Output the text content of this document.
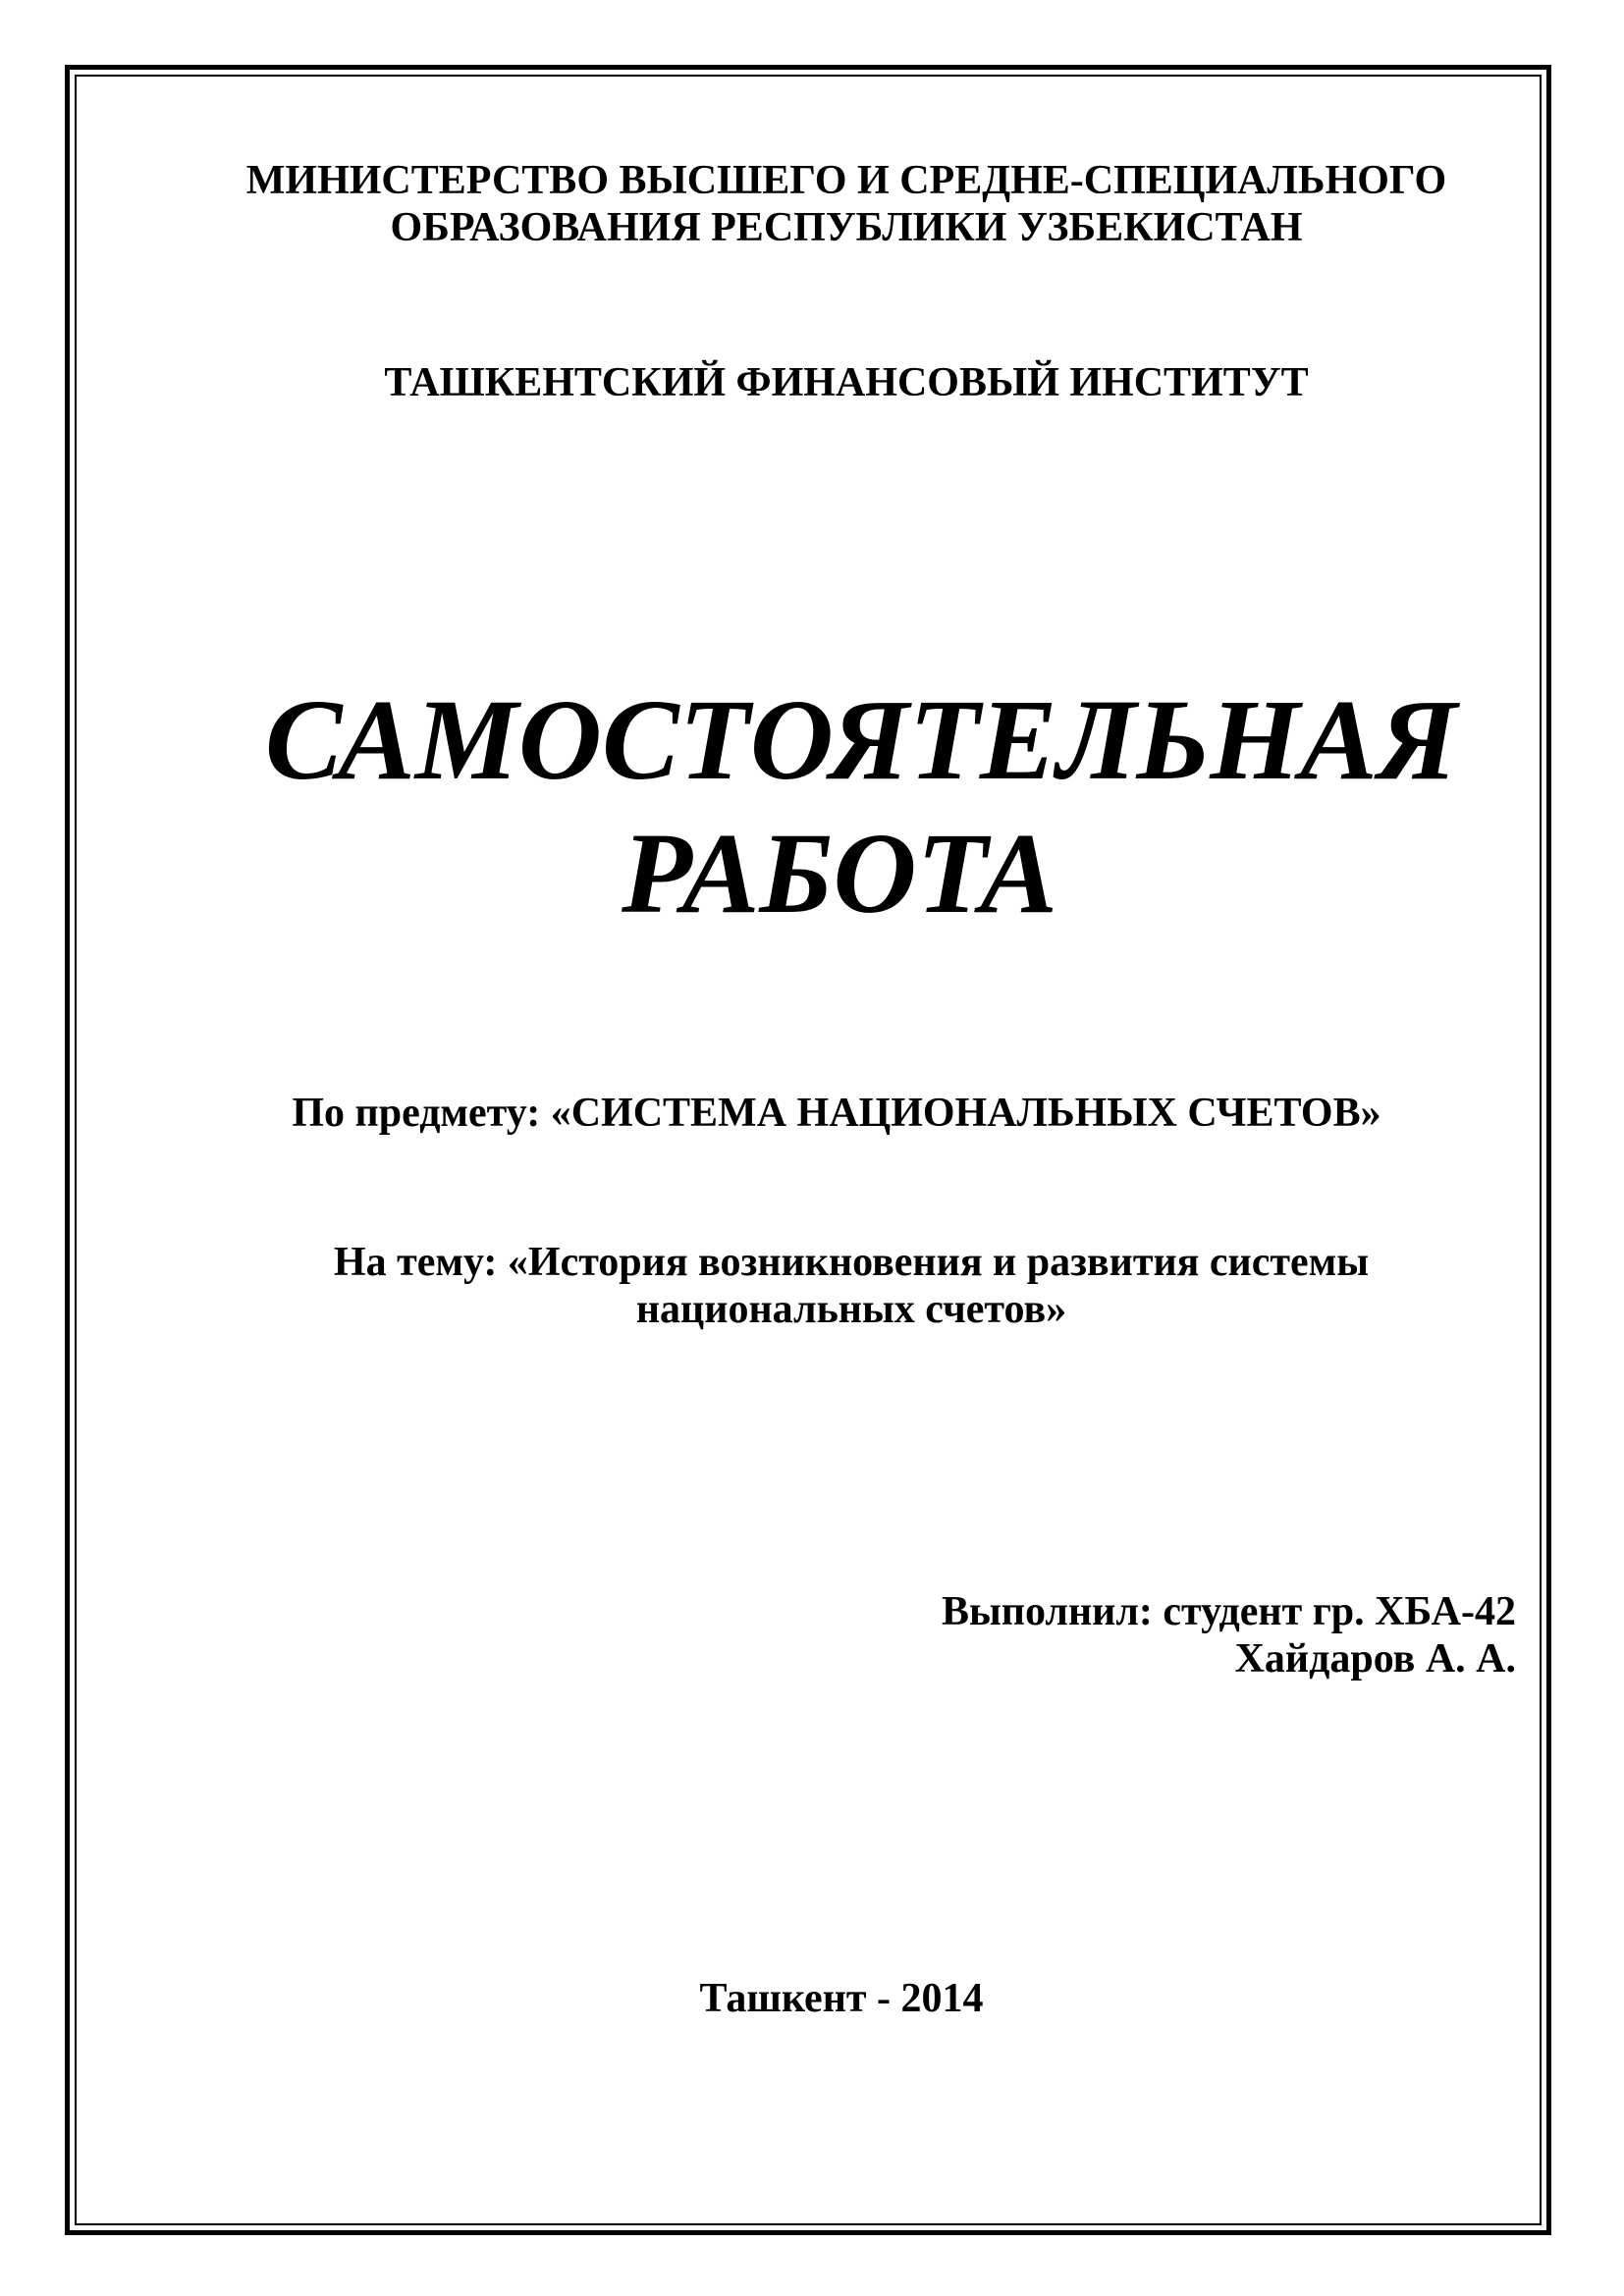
МИНИСТЕРСТВО ВЫСШЕГО И СРЕДНЕ-СПЕЦИАЛЬНОГО

ОБРАЗОВАНИЯ РЕСПУБЛИКИ УЗБЕКИСТАН

ТАШКЕНТСКИЙ ФИНАНСОВЫЙ ИНСТИТУТ

САМОСТОЯТЕЛЬНАЯ

РАБОТА

По предмету: «СИСТЕМА НАЦИОНАЛЬНЫХ СЧЕТОВ»

На тему: «История возникновения и развития системы

национальных счетов»

Выполнил: студент гр. ХБА-42

Хайдаров А. А.

Ташкент - 2014
